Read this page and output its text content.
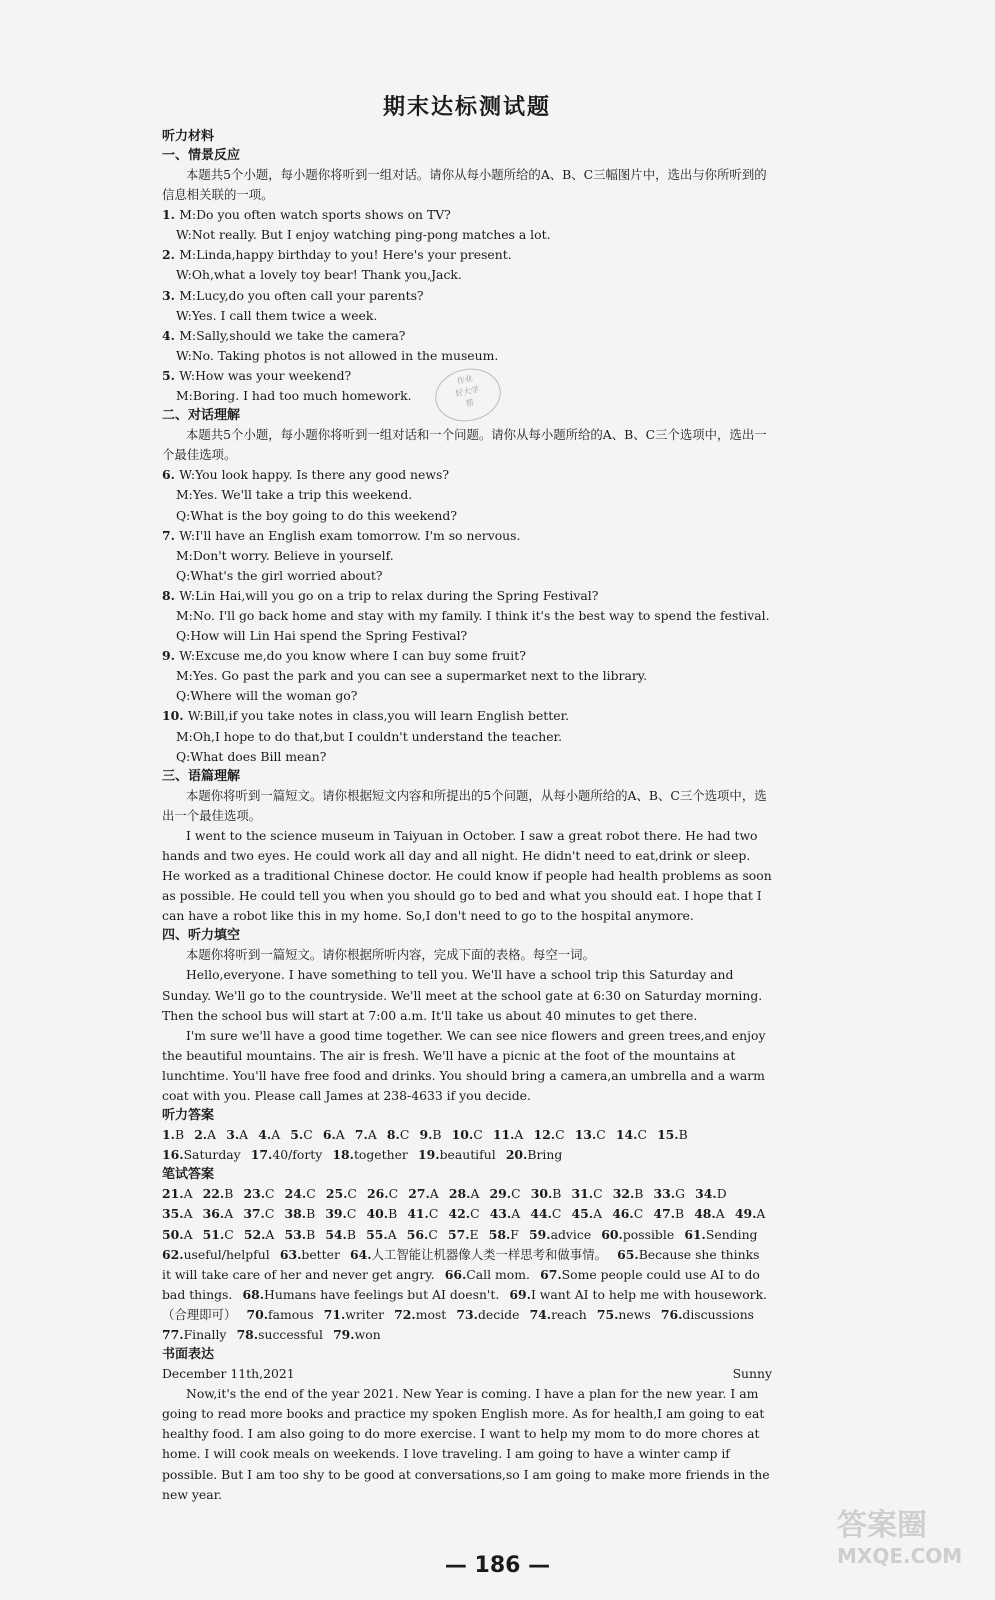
期末达标测试题
听力材料
一、情景反应

本题共5个小题，每小题你将听到一组对话。请你从每小题所给的A、B、C三幅图片中，选出与你所听到的信息相关联的一项。

1. M:Do you often watch sports shows on TV?

W:Not really. But I enjoy watching ping-pong matches a lot.

2. M:Linda,happy birthday to you! Here's your present.

W:Oh,what a lovely toy bear! Thank you,Jack.

3. M:Lucy,do you often call your parents?

W:Yes. I call them twice a week.

4. M:Sally,should we take the camera?

W:No. Taking photos is not allowed in the museum.

5. W:How was your weekend?

M:Boring. I had too much homework.

二、对话理解

本题共5个小题，每小题你将听到一组对话和一个问题。请你从每小题所给的A、B、C三个选项中，选出一个最佳选项。

6. W:You look happy. Is there any good news?

M:Yes. We'll take a trip this weekend.

Q:What is the boy going to do this weekend?

7. W:I'll have an English exam tomorrow. I'm so nervous.

M:Don't worry. Believe in yourself.

Q:What's the girl worried about?

8. W:Lin Hai,will you go on a trip to relax during the Spring Festival?

M:No. I'll go back home and stay with my family. I think it's the best way to spend the festival.

Q:How will Lin Hai spend the Spring Festival?

9. W:Excuse me,do you know where I can buy some fruit?

M:Yes. Go past the park and you can see a supermarket next to the library.

Q:Where will the woman go?

10. W:Bill,if you take notes in class,you will learn English better.

M:Oh,I hope to do that,but I couldn't understand the teacher.

Q:What does Bill mean?

三、语篇理解

本题你将听到一篇短文。请你根据短文内容和所提出的5个问题，从每小题所给的A、B、C三个选项中，选出一个最佳选项。

I went to the science museum in Taiyuan in October. I saw a great robot there. He had two hands and two eyes. He could work all day and all night. He didn't need to eat,drink or sleep. He worked as a traditional Chinese doctor. He could know if people had health problems as soon as possible. He could tell you when you should go to bed and what you should eat. I hope that I can have a robot like this in my home. So,I don't need to go to the hospital anymore.

四、听力填空

本题你将听到一篇短文。请你根据所听内容，完成下面的表格。每空一词。

Hello,everyone. I have something to tell you. We'll have a school trip this Saturday and Sunday. We'll go to the countryside. We'll meet at the school gate at 6:30 on Saturday morning. Then the school bus will start at 7:00 a.m. It'll take us about 40 minutes to get there.

I'm sure we'll have a good time together. We can see nice flowers and green trees,and enjoy the beautiful mountains. The air is fresh. We'll have a picnic at the foot of the mountains at lunchtime. You'll have free food and drinks. You should bring a camera,an umbrella and a warm coat with you. Please call James at 238-4633 if you decide.

听力答案

1.B  2.A  3.A  4.A  5.C  6.A  7.A  8.C  9.B  10.C  11.A  12.C  13.C  14.C  15.B  16.Saturday  17.40/forty  18.together  19.beautiful  20.Bring 

笔试答案

21.A  22.B  23.C  24.C  25.C  26.C  27.A  28.A  29.C  30.B  31.C  32.B  33.G  34.D  35.A  36.A  37.C  38.B  39.C  40.B  41.C  42.C  43.A  44.C  45.A  46.C  47.B  48.A  49.A  50.A  51.C  52.A  53.B  54.B  55.A  56.C  57.E  58.F  59.advice  60.possible  61.Sending  62.useful/helpful  63.better  64.人工智能让机器像人类一样思考和做事情。  65.Because she thinks it will take care of her and never get angry.  66.Call mom.  67.Some people could use AI to do bad things.  68.Humans have feelings but AI doesn't.  69.I want AI to help me with housework.（合理即可）  70.famous  71.writer  72.most  73.decide  74.reach  75.news  76.discussions  77.Finally  78.successful  79.won 

书面表达
December 11th,2021	Sunny

Now,it's the end of the year 2021. New Year is coming. I have a plan for the new year. I am going to read more books and practice my spoken English more. As for health,I am going to eat healthy food. I am also going to do more exercise. I want to help my mom to do more chores at home. I will cook meals on weekends. I love traveling. I am going to have a winter camp if possible. But I am too shy to be good at conversations,so I am going to make more friends in the new year.

作业
好大学
帮
— 186 —
答案圈
MXQE.COM
